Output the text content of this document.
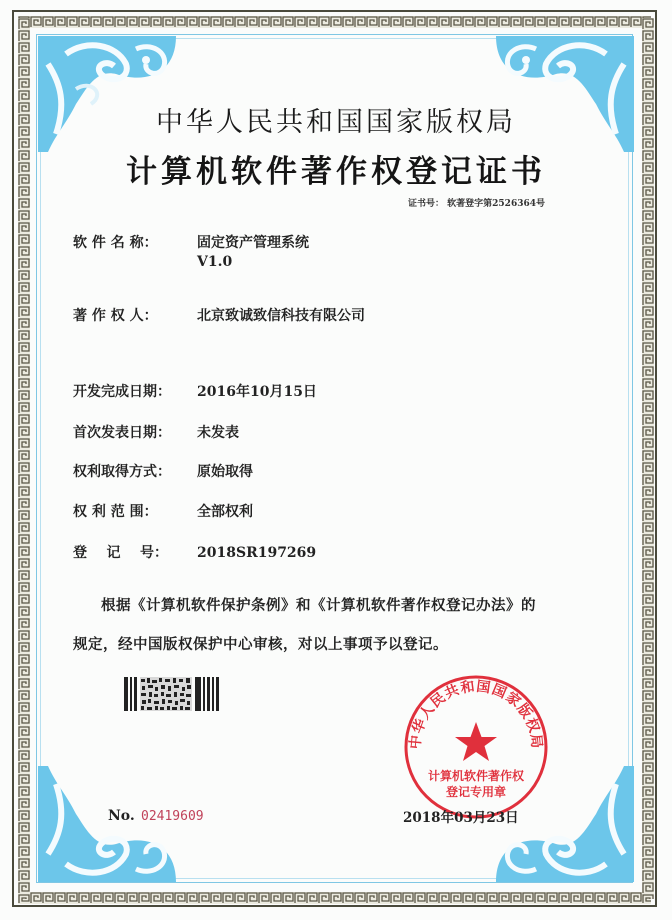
中华人民共和国国家版权局
计算机软件著作权登记证书
证书号： 软著登字第2526364号
软 件 名 称：	固定资产管理系统
V1.0
著 作 权 人：	北京致诚致信科技有限公司
开发完成日期： 2016年10月15日
首次发表日期： 未发表
权利取得方式： 原始取得
权 利 范 围：	全部权利
登    记    号： 2018SR197269
根据《计算机软件保护条例》和《计算机软件著作权登记办法》的
规定，经中国版权保护中心审核，对以上事项予以登记。
中华人民共和国国家版权局
计算机软件著作权
登记专用章
2018年03月23日
No. 02419609
